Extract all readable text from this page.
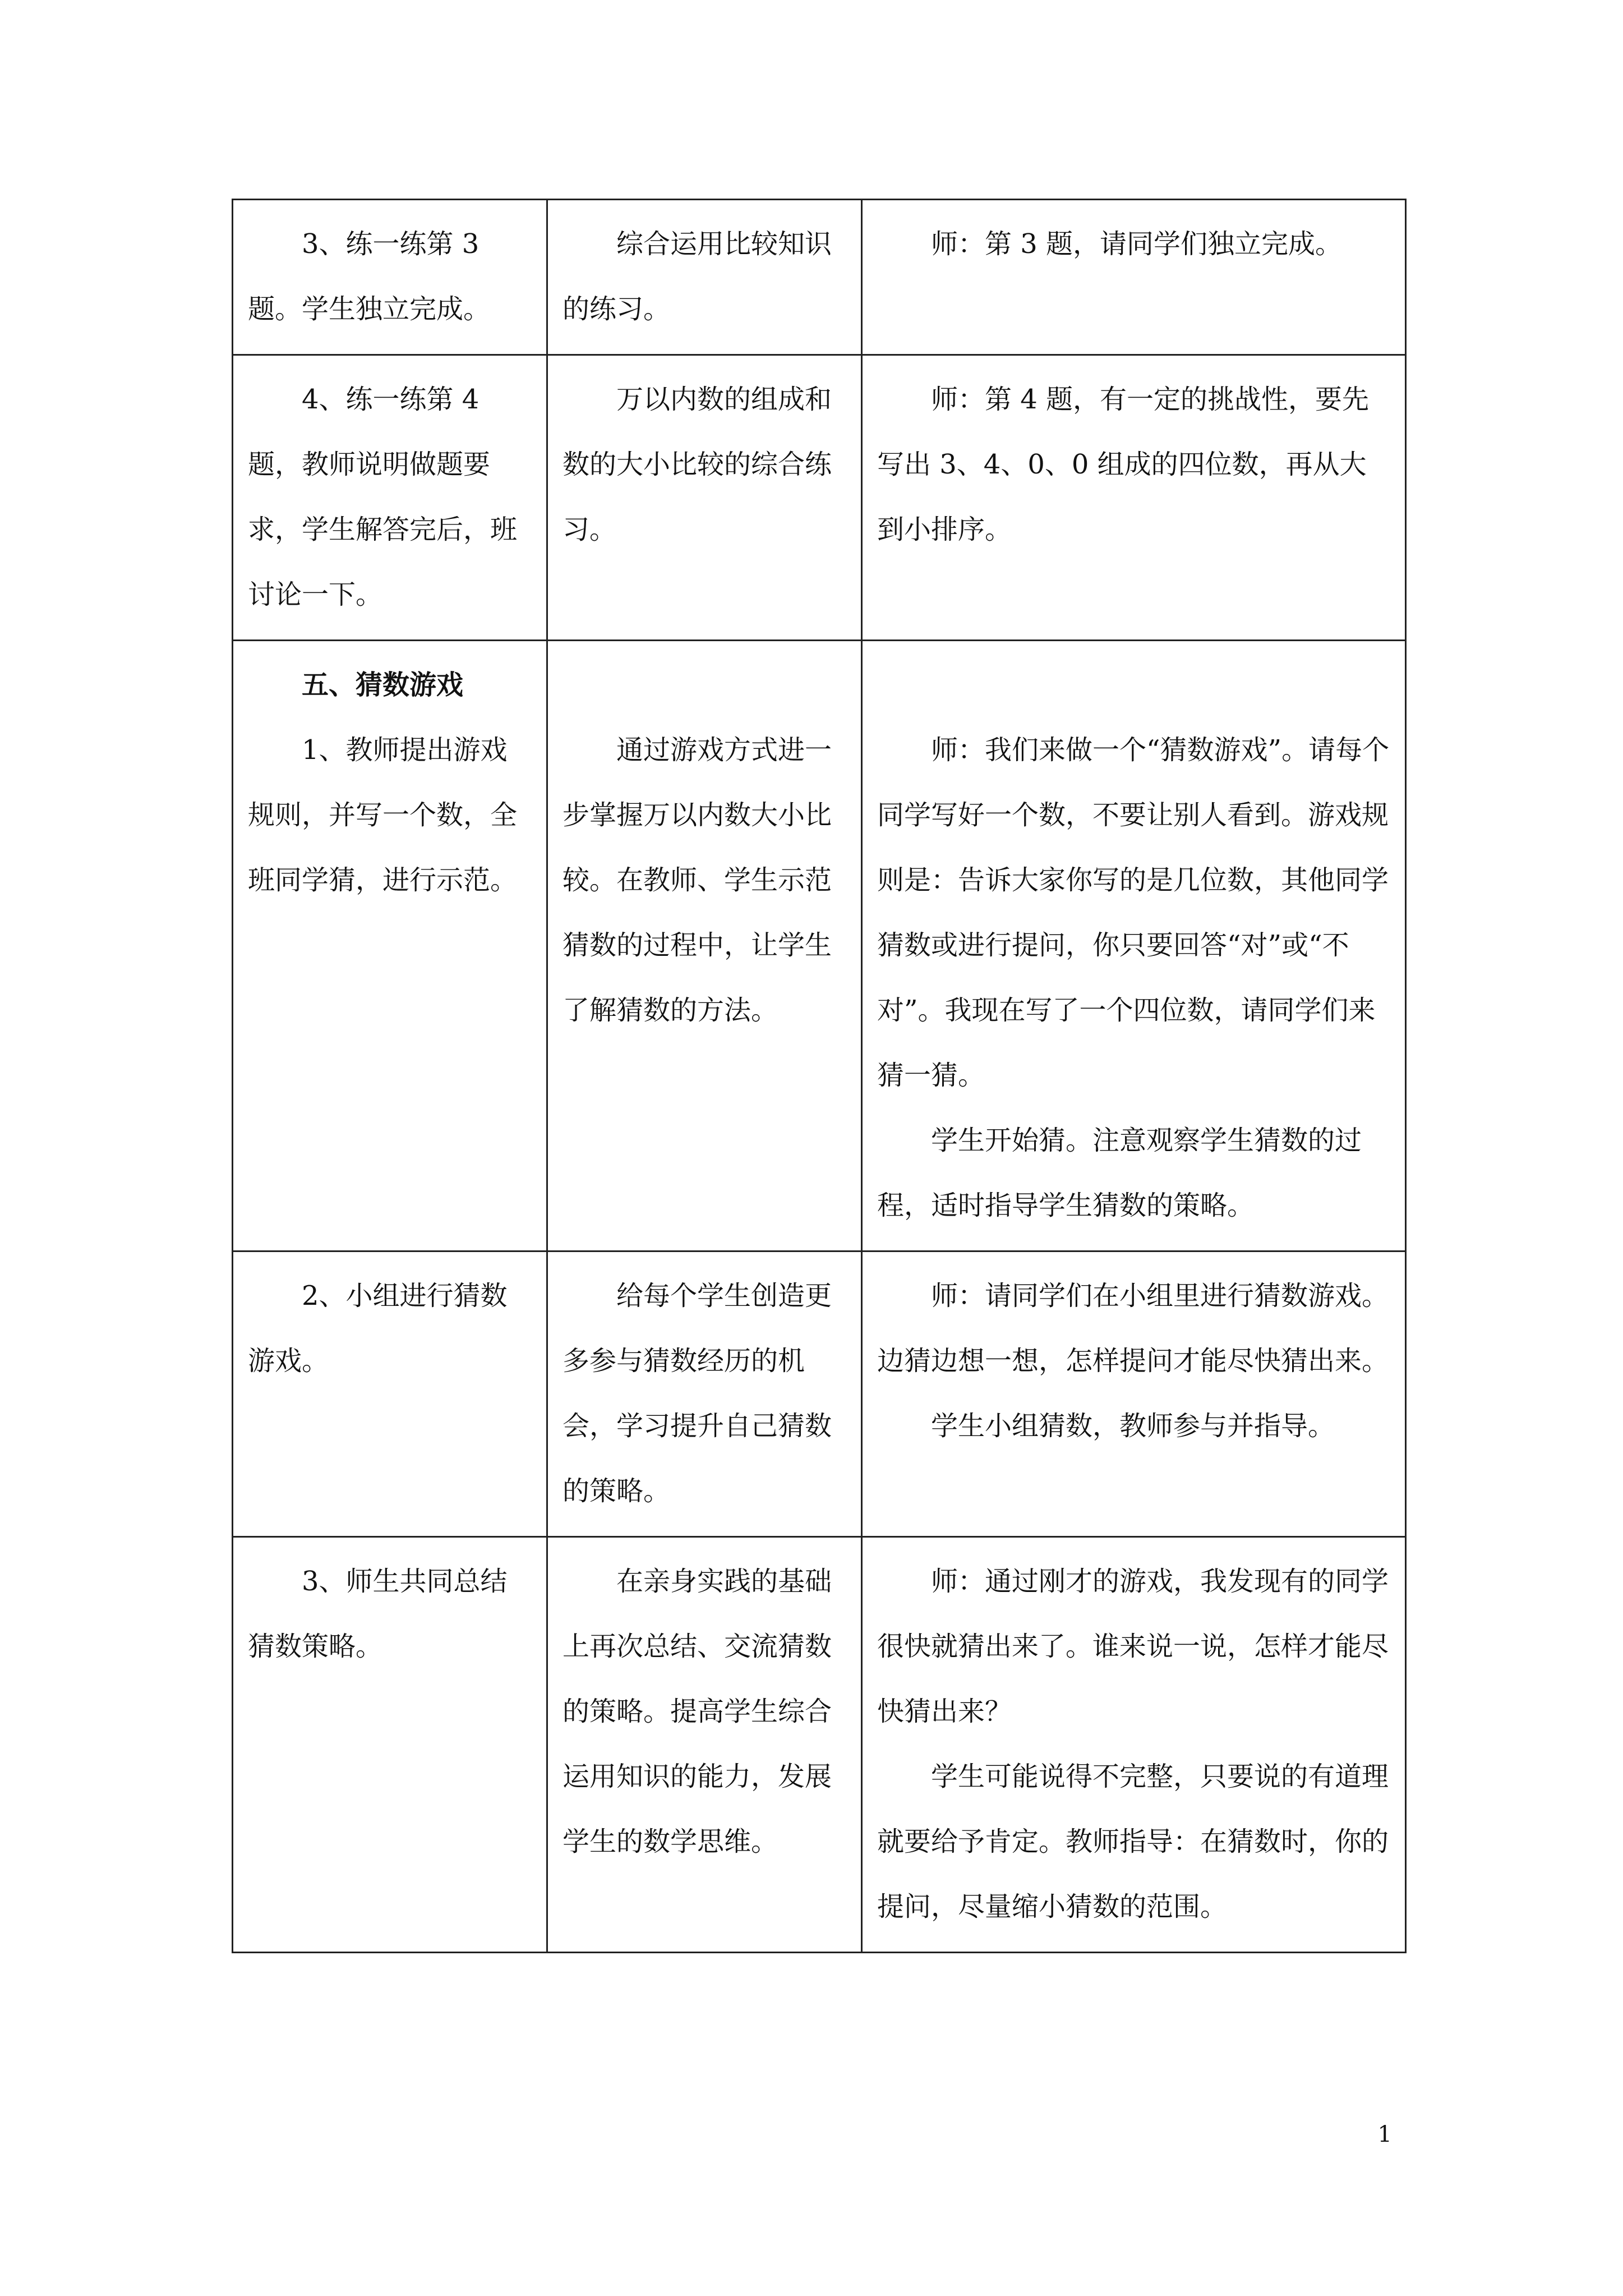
3、练一练第 3 题。学生独立完成。	综合运用比较知识的练习。	师：第 3 题，请同学们独立完成。

4、练一练第 4 题，教师说明做题要求，学生解答完后，班讨论一下。	万以内数的组成和数的大小比较的综合练习。	师：第 4 题，有一定的挑战性，要先写出 3、4、0、0 组成的四位数，再从大到小排序。

五、猜数游戏
1、教师提出游戏规则，并写一个数，全班同学猜，进行示范。	通过游戏方式进一步掌握万以内数大小比较。在教师、学生示范猜数的过程中，让学生了解猜数的方法。	师：我们来做一个“猜数游戏”。请每个同学写好一个数，不要让别人看到。游戏规则是：告诉大家你写的是几位数，其他同学猜数或进行提问，你只要回答“对”或“不对”。我现在写了一个四位数，请同学们来猜一猜。
学生开始猜。注意观察学生猜数的过程，适时指导学生猜数的策略。

2、小组进行猜数游戏。	给每个学生创造更多参与猜数经历的机会，学习提升自己猜数的策略。	师：请同学们在小组里进行猜数游戏。边猜边想一想，怎样提问才能尽快猜出来。
学生小组猜数，教师参与并指导。

3、师生共同总结猜数策略。	在亲身实践的基础上再次总结、交流猜数的策略。提高学生综合运用知识的能力，发展学生的数学思维。	师：通过刚才的游戏，我发现有的同学很快就猜出来了。谁来说一说，怎样才能尽快猜出来？
学生可能说得不完整，只要说的有道理就要给予肯定。教师指导：在猜数时，你的提问，尽量缩小猜数的范围。
1
